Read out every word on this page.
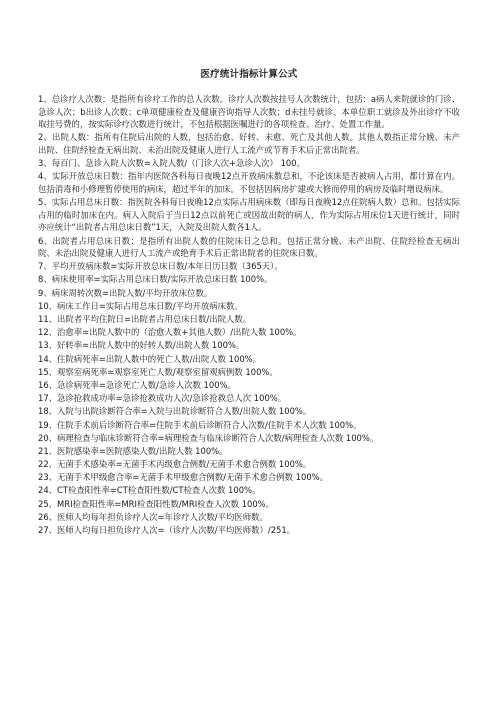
医疗统计指标计算公式
1、总诊疗人次数：是指所有诊疗工作的总人次数。诊疗人次数按挂号人次数统计，包括：a病人来院就诊的门诊、急诊人次；b出诊人次数；c单项健康检查及健康咨询指导人次数；d未挂号就诊、本单位职工就诊及外出诊疗不收取挂号费的，按实际诊疗次数进行统计，不包括根据医嘱进行的各项检查、治疗、处置工作量。
2、出院人数：指所有住院后出院的人数，包括治愈、好转、未愈、死亡及其他人数。其他人数指正常分娩、未产出院、住院经检查无病出院、未治出院及健康人进行人工流产或节育手术后正常出院者。
3、每百门、急诊入院人次数=入院人数/（门诊人次+急诊人次） 100。
4、实际开放总床日数：指年内医院各科每日夜晚12点开放病床数总和，不论该床是否被病人占用，都计算在内。包括消毒和小修理暂停使用的病床，超过半年的加床。不包括因病房扩建或大修而停用的病房及临时增设病床。
5、实际占用总床日数：指医院各科每日夜晚12点实际占用病床数（即每日夜晚12点住院病人数）总和。包括实际占用的临时加床在内。病人入院后于当日12点以前死亡或因故出院的病人，作为实际占用床位1天进行统计，同时亦应统计“出院者占用总床日数”1天，入院及出院人数各1人。
6、出院者占用总床日数：是指所有出院人数的住院床日之总和。包括正常分娩、未产出院、住院经检查无病出院、未治出院及健康人进行人工流产或绝育手术后正常出院者的住院床日数。
7、平均开放病床数=实际开放总床日数/本年日历日数（365天）。
8、病床使用率=实际占用总床日数/实际开放总床日数 100%。
9、病床周转次数=出院人数/平均开放床位数。
10、病床工作日=实际占用总床日数/平均开放病床数。
11、出院者平均住院日=出院者占用总床日数/出院人数。
12、治愈率=出院人数中的（治愈人数+其他人数）/出院人数 100%。
13、好转率=出院人数中的好转人数/出院人数 100%。
14、住院病死率=出院人数中的死亡人数/出院人数 100%。
15、观察室病死率=观察室死亡人数/观察室留观病例数 100%。
16、急诊病死率=急诊死亡人数/急诊人次数 100%。
17、急诊抢救成功率=急诊抢救成功人次/急诊抢救总人次 100%。
18、入院与出院诊断符合率=入院与出院诊断符合人数/出院人数 100%。
19、住院手术前后诊断符合率=住院手术前后诊断符合人次数/住院手术人次数 100%。
20、病理检查与临床诊断符合率=病理检查与临床诊断符合人次数/病理检查人次数 100%。
21、医院感染率=医院感染人数/出院人数 100%。
22、无菌手术感染率=无菌手术丙级愈合例数/无菌手术愈合例数 100%。
23、无菌手术甲级愈合率=无菌手术甲级愈合例数/无菌手术愈合例数 100%。
24、CT检查阳性率=CT检查阳性数/CT检查人次数 100%。
25、MRI检查阳性率=MRI检查阳性数/MRI检查人次数 100%。
26、医师人均每年担负诊疗人次=年诊疗人次数/平均医师数。
27、医师人均每日担负诊疗人次=（诊疗人次数/平均医师数）/251。
